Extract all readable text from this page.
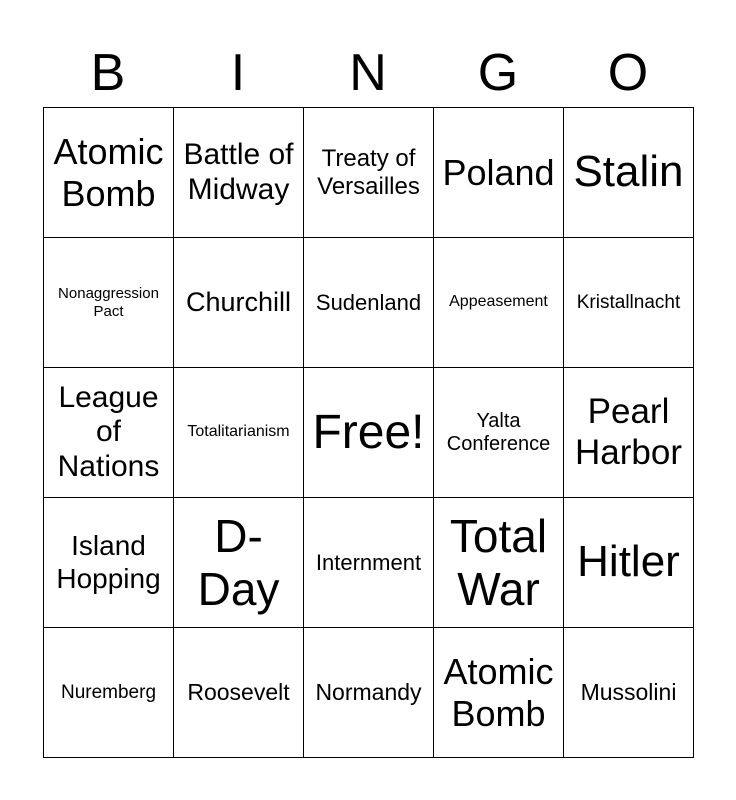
B	I	N	G	O
Atomic Bomb	Battle of Midway	Treaty of Versailles	Poland	Stalin
Nonaggression Pact	Churchill	Sudenland	Appeasement	Kristallnacht
League of Nations	Totalitarianism	Free!	Yalta Conference	Pearl Harbor
Island Hopping	D-Day	Internment	Total War	Hitler
Nuremberg	Roosevelt	Normandy	Atomic Bomb	Mussolini
